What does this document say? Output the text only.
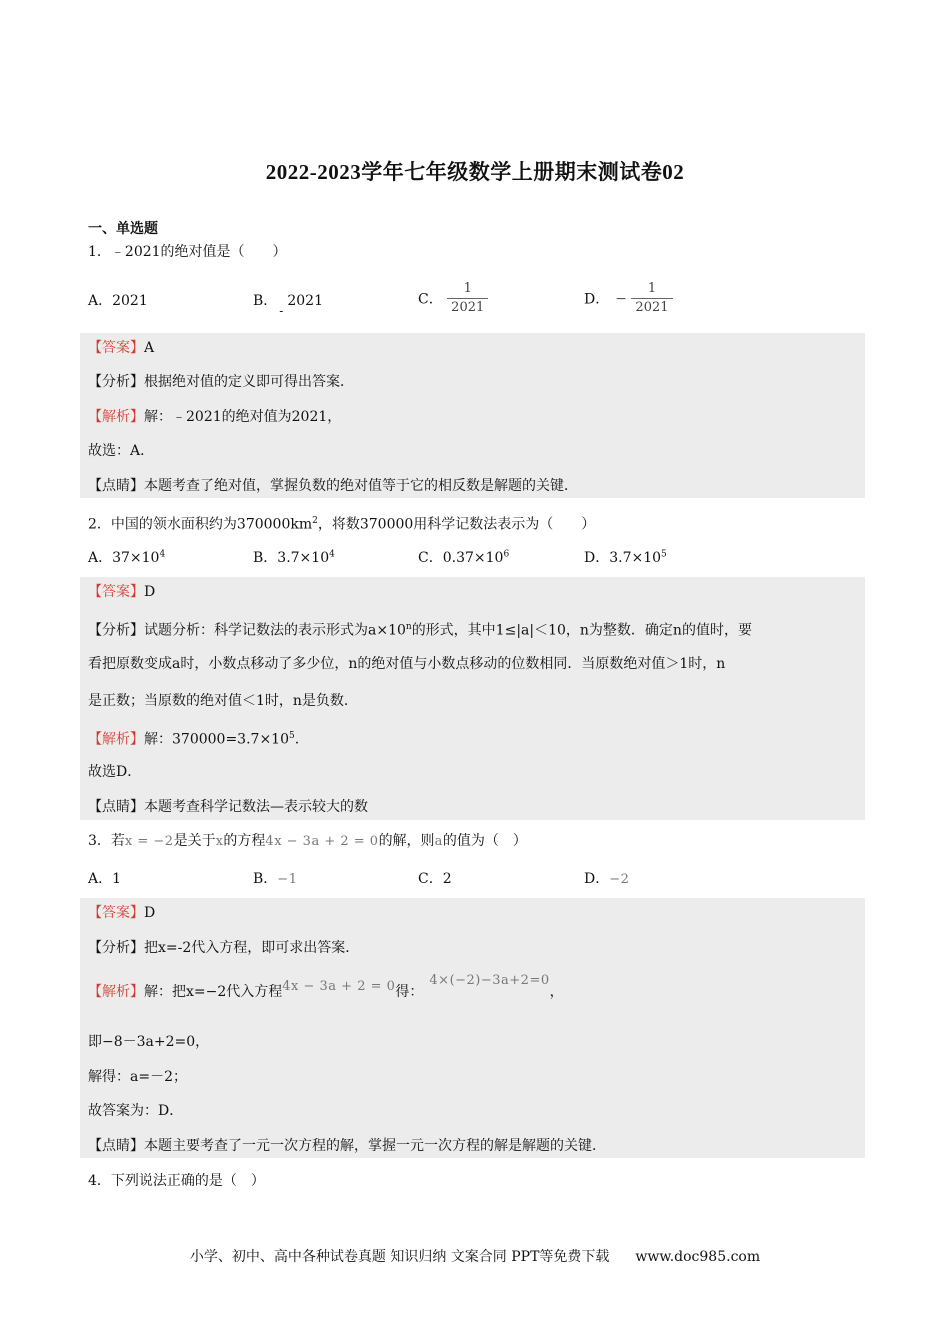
2022-2023学年七年级数学上册期末测试卷02
一、单选题
1．﹣2021的绝对值是（　　）
A．2021	B．-2021	C． $\frac{1}{2021}$	D． − $\frac{1}{2021}$
【答案】A
【分析】根据绝对值的定义即可得出答案．
【解析】解：﹣2021的绝对值为2021，
故选：A．
【点睛】本题考查了绝对值，掌握负数的绝对值等于它的相反数是解题的关键．
2．中国的领水面积约为$370000km^2$，将数370000用科学记数法表示为（　　）
A．$37\times 10^4$	B．$3.7\times 10^4$	C．$0.37\times 10^6$	D．$3.7\times 10^5$
【答案】D
【分析】试题分析：科学记数法的表示形式为$a\times 10^n$的形式，其中1≤|a|＜10，n为整数．确定n的值时，要
看把原数变成a时，小数点移动了多少位，n的绝对值与小数点移动的位数相同．当原数绝对值＞1时，n
是正数；当原数的绝对值＜1时，n是负数.
【解析】解：$370000=3.7\times 10^5$.
故选D．
【点睛】本题考查科学记数法—表示较大的数
3．若x = −2是关于x的方程4x − 3a + 2 = 0的解，则a的值为（　）
A．1	B．−1	C．2	D．−2
【答案】D
【分析】把x=-2代入方程，即可求出答案．
【解析】解：把x=−2代入方程4x − 3a + 2 = 0得：4×(−2)−3a+2=0，
即−8－3a+2=0，
解得：a=－2；
故答案为：D．
【点睛】本题主要考查了一元一次方程的解，掌握一元一次方程的解是解题的关键．
4．下列说法正确的是（　）
小学、初中、高中各种试卷真题 知识归纳 文案合同 PPT等免费下载 www.doc985.com
